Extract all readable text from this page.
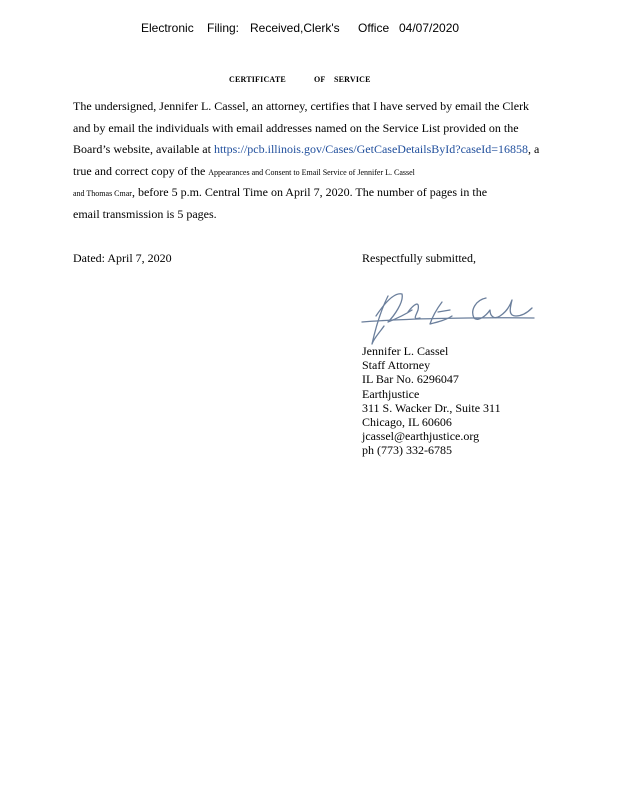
Electronic Filing: Received,Clerk's Office 04/07/2020
CERTIFICATE	OF SERVICE
The undersigned, Jennifer L. Cassel, an attorney, certifies that I have served by email the Clerk
and by email the individuals with email addresses named on the Service List provided on the
Board’s website, available at https://pcb.illinois.gov/Cases/GetCaseDetailsById?caseId=16858, a
true and correct copy of the Appearances and Consent to Email Service of Jennifer L. Cassel
and Thomas Cmar, before 5 p.m. Central Time on April 7, 2020. The number of pages in the
email transmission is 5 pages.
Dated: April 7, 2020	Respectfully submitted,
Jennifer L. Cassel
Staff Attorney
IL Bar No. 6296047
Earthjustice
311 S. Wacker Dr., Suite 311
Chicago, IL 60606
jcassel@earthjustice.org
ph (773) 332-6785
